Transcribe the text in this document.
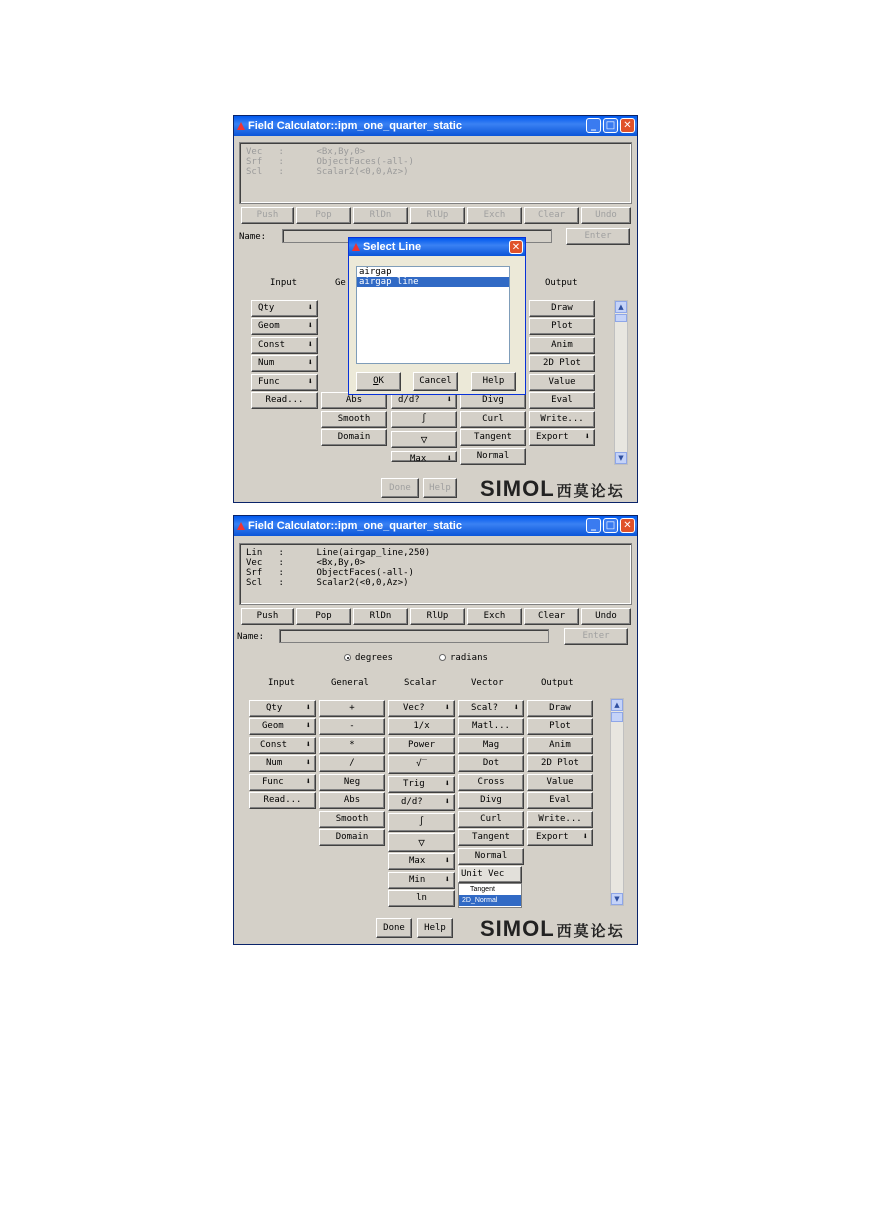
Field Calculator::ipm_one_quarter_static	_ □ ✕
Vec   :      <Bx,By,0>
Srf   :      ObjectFaces(-all-)
Scl   :      Scalar2(<0,0,Az>)
Push	Pop	RlDn	RlUp	Exch	Clear	Undo
Name:	Enter
Input	Ge	Output
Qty	⬇
Geom	⬇
Const ⬇
Num	⬇
Func	⬇
Read...	Abs
Smooth
Domain
d/d?	⬇
∫
▽
Max ⬇
Divg
Curl
Tangent
Normal
Draw
Plot
Anim
2D Plot
Value
Eval
Write...
Export ⬇
▲
▼
Done	Help SIMOL 西莫论坛
Select Line	✕
airgap
airgap line
OK	Cancel	Help
Field Calculator::ipm_one_quarter_static	_ □ ✕
Lin   :      Line(airgap_line,250)
Vec   :      <Bx,By,0>
Srf   :      ObjectFaces(-all-)
Scl   :      Scalar2(<0,0,Az>)
Push	Pop	RlDn	RlUp	Exch	Clear	Undo
Name:	Enter
degrees	radians
Input	General	Scalar	Vector	Output
Qty	⬇
Geom ⬇
Const ⬇
Num	⬇
Func ⬇
Read...
+
-
*
/
Neg
Abs
Smooth
Domain
Vec? ⬇
1/x
Power
√‾
Trig ⬇
d/d? ⬇
∫
▽
Max ⬇
Min ⬇
ln
Scal? ⬇
Matl...
Mag
Dot
Cross
Divg
Curl
Tangent
Normal
Unit Vec
Tangent
2D_Normal
Draw
Plot
Anim
2D Plot
Value
Eval
Write...
Export ⬇
▲
▼
Done	Help	SIMOL 西莫论坛
